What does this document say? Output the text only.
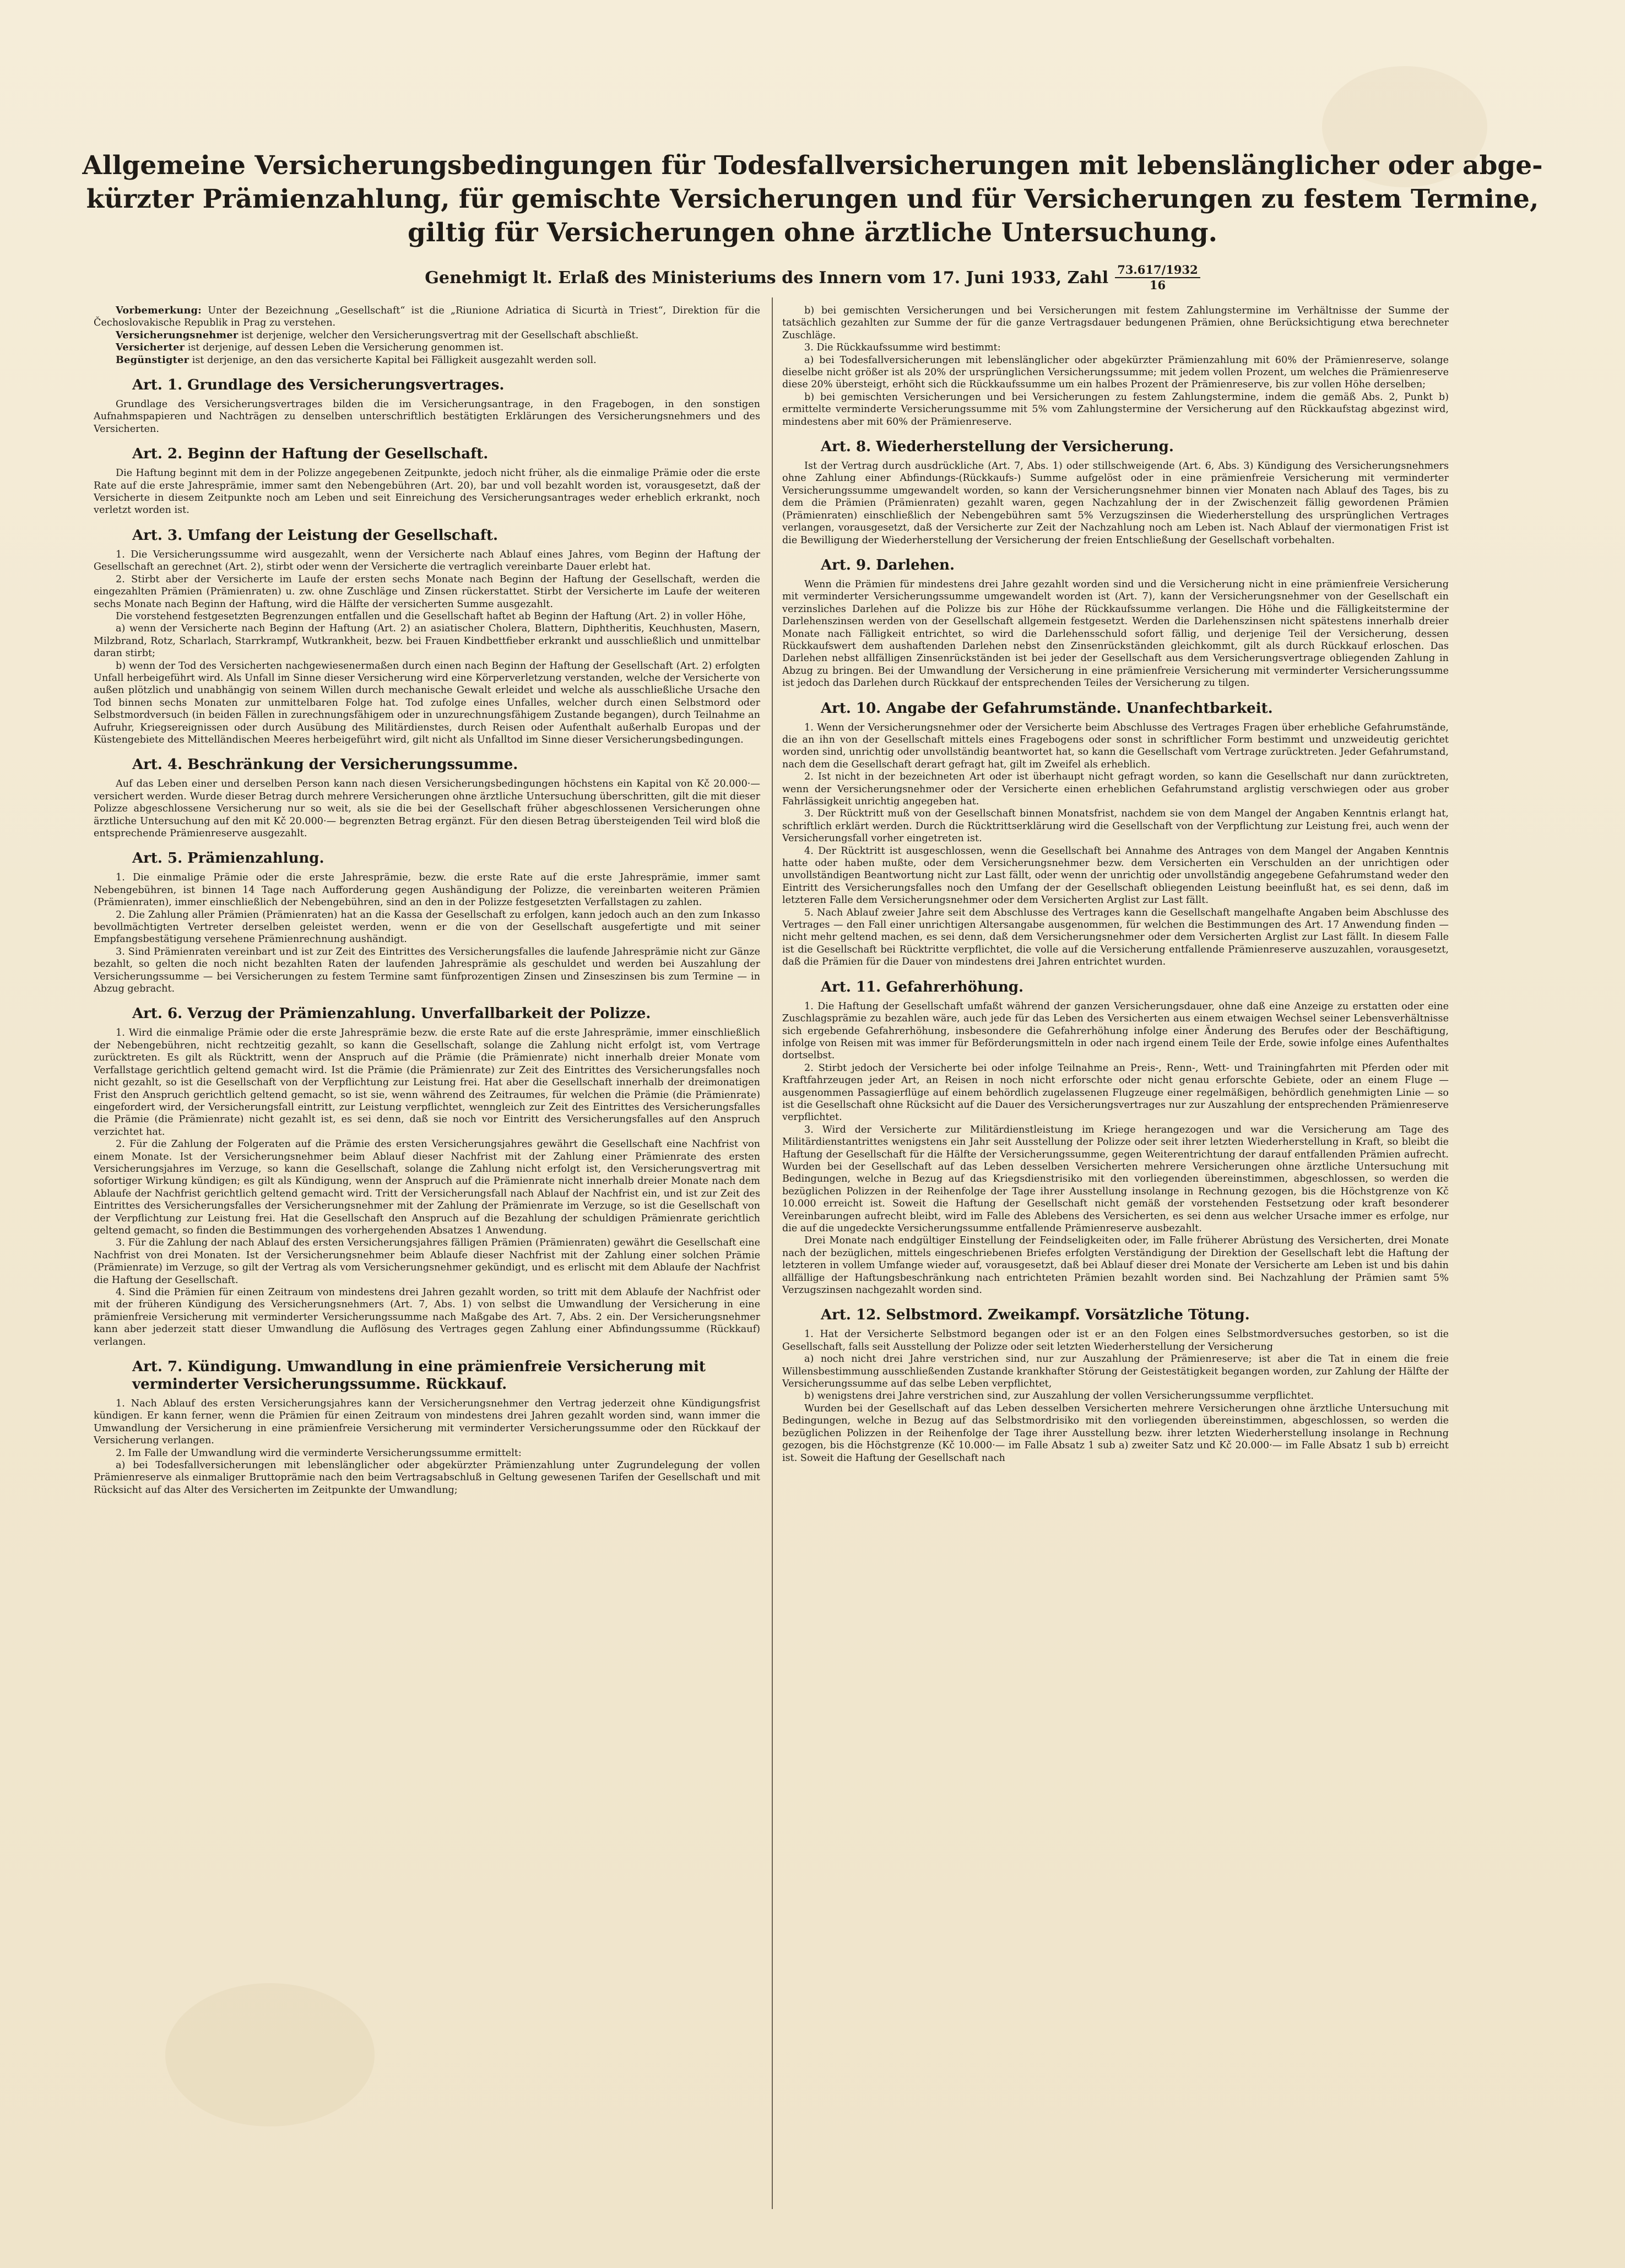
Allgemeine Versicherungsbedingungen für Todesfallversicherungen mit lebenslänglicher oder abge-
kürzter Prämienzahlung, für gemischte Versicherungen und für Versicherungen zu festem Termine,
giltig für Versicherungen ohne ärztliche Untersuchung.
Genehmigt lt. Erlaß des Ministeriums des Innern vom 17. Juni 1933, Zahl $\frac{73.617/1932}{16}$

Vorbemerkung: Unter der Bezeichnung „Gesellschaft“ ist die „Riunione Adriatica di Sicurtà in Triest“, Direktion für die Čechoslovakische Republik in Prag zu verstehen.

Versicherungsnehmer ist derjenige, welcher den Versicherungsvertrag mit der Gesellschaft abschließt.

Versicherter ist derjenige, auf dessen Leben die Versicherung genommen ist.

Begünstigter ist derjenige, an den das versicherte Kapital bei Fälligkeit ausgezahlt werden soll.

Art. 1. Grundlage des Versicherungsvertrages.

Grundlage des Versicherungsvertrages bilden die im Versicherungsantrage, in den Fragebogen, in den sonstigen Aufnahmspapieren und Nachträgen zu denselben unterschriftlich bestätigten Erklärungen des Versicherungsnehmers und des Versicherten.

Art. 2. Beginn der Haftung der Gesellschaft.

Die Haftung beginnt mit dem in der Polizze angegebenen Zeitpunkte, jedoch nicht früher, als die einmalige Prämie oder die erste Rate auf die erste Jahresprämie, immer samt den Nebengebühren (Art. 20), bar und voll bezahlt worden ist, vorausgesetzt, daß der Versicherte in diesem Zeitpunkte noch am Leben und seit Einreichung des Versicherungsantrages weder erheblich erkrankt, noch verletzt worden ist.

Art. 3. Umfang der Leistung der Gesellschaft.

1. Die Versicherungssumme wird ausgezahlt, wenn der Versicherte nach Ablauf eines Jahres, vom Beginn der Haftung der Gesellschaft an gerechnet (Art. 2), stirbt oder wenn der Versicherte die vertraglich vereinbarte Dauer erlebt hat.

2. Stirbt aber der Versicherte im Laufe der ersten sechs Monate nach Beginn der Haftung der Gesellschaft, werden die eingezahlten Prämien (Prämienraten) u. zw. ohne Zuschläge und Zinsen rückerstattet. Stirbt der Versicherte im Laufe der weiteren sechs Monate nach Beginn der Haftung, wird die Hälfte der versicherten Summe ausgezahlt.

Die vorstehend festgesetzten Begrenzungen entfallen und die Gesellschaft haftet ab Beginn der Haftung (Art. 2) in voller Höhe,

a) wenn der Versicherte nach Beginn der Haftung (Art. 2) an asiatischer Cholera, Blattern, Diphtheritis, Keuchhusten, Masern, Milzbrand, Rotz, Scharlach, Starrkrampf, Wutkrankheit, bezw. bei Frauen Kindbettfieber erkrankt und ausschließlich und unmittelbar daran stirbt;

b) wenn der Tod des Versicherten nachgewiesenermaßen durch einen nach Beginn der Haftung der Gesellschaft (Art. 2) erfolgten Unfall herbeigeführt wird. Als Unfall im Sinne dieser Versicherung wird eine Körperverletzung verstanden, welche der Versicherte von außen plötzlich und unabhängig von seinem Willen durch mechanische Gewalt erleidet und welche als ausschließliche Ursache den Tod binnen sechs Monaten zur unmittelbaren Folge hat. Tod zufolge eines Unfalles, welcher durch einen Selbstmord oder Selbstmordversuch (in beiden Fällen in zurechnungsfähigem oder in unzurechnungsfähigem Zustande begangen), durch Teilnahme an Aufruhr, Kriegsereignissen oder durch Ausübung des Militärdienstes, durch Reisen oder Aufenthalt außerhalb Europas und der Küstengebiete des Mittelländischen Meeres herbeigeführt wird, gilt nicht als Unfalltod im Sinne dieser Versicherungsbedingungen.

Art. 4. Beschränkung der Versicherungssumme.

Auf das Leben einer und derselben Person kann nach diesen Versicherungsbedingungen höchstens ein Kapital von Kč 20.000·— versichert werden. Wurde dieser Betrag durch mehrere Versicherungen ohne ärztliche Untersuchung überschritten, gilt die mit dieser Polizze abgeschlossene Versicherung nur so weit, als sie die bei der Gesellschaft früher abgeschlossenen Versicherungen ohne ärztliche Untersuchung auf den mit Kč 20.000·— begrenzten Betrag ergänzt. Für den diesen Betrag übersteigenden Teil wird bloß die entsprechende Prämienreserve ausgezahlt.

Art. 5. Prämienzahlung.

1. Die einmalige Prämie oder die erste Jahresprämie, bezw. die erste Rate auf die erste Jahresprämie, immer samt Nebengebühren, ist binnen 14 Tage nach Aufforderung gegen Aushändigung der Polizze, die vereinbarten weiteren Prämien (Prämienraten), immer einschließlich der Nebengebühren, sind an den in der Polizze festgesetzten Verfallstagen zu zahlen.

2. Die Zahlung aller Prämien (Prämienraten) hat an die Kassa der Gesellschaft zu erfolgen, kann jedoch auch an den zum Inkasso bevollmächtigten Vertreter derselben geleistet werden, wenn er die von der Gesellschaft ausgefertigte und mit seiner Empfangsbestätigung versehene Prämienrechnung aushändigt.

3. Sind Prämienraten vereinbart und ist zur Zeit des Eintrittes des Versicherungsfalles die laufende Jahresprämie nicht zur Gänze bezahlt, so gelten die noch nicht bezahlten Raten der laufenden Jahresprämie als geschuldet und werden bei Auszahlung der Versicherungssumme — bei Versicherungen zu festem Termine samt fünfprozentigen Zinsen und Zinseszinsen bis zum Termine — in Abzug gebracht.

Art. 6. Verzug der Prämienzahlung. Unverfallbarkeit der Polizze.

1. Wird die einmalige Prämie oder die erste Jahresprämie bezw. die erste Rate auf die erste Jahresprämie, immer einschließlich der Nebengebühren, nicht rechtzeitig gezahlt, so kann die Gesellschaft, solange die Zahlung nicht erfolgt ist, vom Vertrage zurücktreten. Es gilt als Rücktritt, wenn der Anspruch auf die Prämie (die Prämienrate) nicht innerhalb dreier Monate vom Verfallstage gerichtlich geltend gemacht wird. Ist die Prämie (die Prämienrate) zur Zeit des Eintrittes des Versicherungsfalles noch nicht gezahlt, so ist die Gesellschaft von der Verpflichtung zur Leistung frei. Hat aber die Gesellschaft innerhalb der dreimonatigen Frist den Anspruch gerichtlich geltend gemacht, so ist sie, wenn während des Zeitraumes, für welchen die Prämie (die Prämienrate) eingefordert wird, der Versicherungsfall eintritt, zur Leistung verpflichtet, wenngleich zur Zeit des Eintrittes des Versicherungsfalles die Prämie (die Prämienrate) nicht gezahlt ist, es sei denn, daß sie noch vor Eintritt des Versicherungsfalles auf den Anspruch verzichtet hat.

2. Für die Zahlung der Folgeraten auf die Prämie des ersten Versicherungsjahres gewährt die Gesellschaft eine Nachfrist von einem Monate. Ist der Versicherungsnehmer beim Ablauf dieser Nachfrist mit der Zahlung einer Prämienrate des ersten Versicherungsjahres im Verzuge, so kann die Gesellschaft, solange die Zahlung nicht erfolgt ist, den Versicherungsvertrag mit sofortiger Wirkung kündigen; es gilt als Kündigung, wenn der Anspruch auf die Prämienrate nicht innerhalb dreier Monate nach dem Ablaufe der Nachfrist gerichtlich geltend gemacht wird. Tritt der Versicherungsfall nach Ablauf der Nachfrist ein, und ist zur Zeit des Eintrittes des Versicherungsfalles der Versicherungsnehmer mit der Zahlung der Prämienrate im Verzuge, so ist die Gesellschaft von der Verpflichtung zur Leistung frei. Hat die Gesellschaft den Anspruch auf die Bezahlung der schuldigen Prämienrate gerichtlich geltend gemacht, so finden die Bestimmungen des vorhergehenden Absatzes 1 Anwendung.

3. Für die Zahlung der nach Ablauf des ersten Versicherungsjahres fälligen Prämien (Prämienraten) gewährt die Gesellschaft eine Nachfrist von drei Monaten. Ist der Versicherungsnehmer beim Ablaufe dieser Nachfrist mit der Zahlung einer solchen Prämie (Prämienrate) im Verzuge, so gilt der Vertrag als vom Versicherungsnehmer gekündigt, und es erlischt mit dem Ablaufe der Nachfrist die Haftung der Gesellschaft.

4. Sind die Prämien für einen Zeitraum von mindestens drei Jahren gezahlt worden, so tritt mit dem Ablaufe der Nachfrist oder mit der früheren Kündigung des Versicherungsnehmers (Art. 7, Abs. 1) von selbst die Umwandlung der Versicherung in eine prämienfreie Versicherung mit verminderter Versicherungssumme nach Maßgabe des Art. 7, Abs. 2 ein. Der Versicherungsnehmer kann aber jederzeit statt dieser Umwandlung die Auflösung des Vertrages gegen Zahlung einer Abfindungssumme (Rückkauf) verlangen.

Art. 7. Kündigung. Umwandlung in eine prämienfreie Versicherung mit verminderter Versicherungssumme. Rückkauf.

1. Nach Ablauf des ersten Versicherungsjahres kann der Versicherungsnehmer den Vertrag jederzeit ohne Kündigungsfrist kündigen. Er kann ferner, wenn die Prämien für einen Zeitraum von mindestens drei Jahren gezahlt worden sind, wann immer die Umwandlung der Versicherung in eine prämienfreie Versicherung mit verminderter Versicherungssumme oder den Rückkauf der Versicherung verlangen.

2. Im Falle der Umwandlung wird die verminderte Versicherungssumme ermittelt:

a) bei Todesfallversicherungen mit lebenslänglicher oder abgekürzter Prämienzahlung unter Zugrundelegung der vollen Prämienreserve als einmaliger Bruttoprämie nach den beim Vertragsabschluß in Geltung gewesenen Tarifen der Gesellschaft und mit Rücksicht auf das Alter des Versicherten im Zeitpunkte der Umwandlung;

b) bei gemischten Versicherungen und bei Versicherungen mit festem Zahlungstermine im Verhältnisse der Summe der tatsächlich gezahlten zur Summe der für die ganze Vertragsdauer bedungenen Prämien, ohne Berücksichtigung etwa berechneter Zuschläge.

3. Die Rückkaufssumme wird bestimmt:

a) bei Todesfallversicherungen mit lebenslänglicher oder abgekürzter Prämienzahlung mit 60% der Prämienreserve, solange dieselbe nicht größer ist als 20% der ursprünglichen Versicherungssumme; mit jedem vollen Prozent, um welches die Prämienreserve diese 20% übersteigt, erhöht sich die Rückkaufssumme um ein halbes Prozent der Prämienreserve, bis zur vollen Höhe derselben;

b) bei gemischten Versicherungen und bei Versicherungen zu festem Zahlungstermine, indem die gemäß Abs. 2, Punkt b) ermittelte verminderte Versicherungssumme mit 5% vom Zahlungstermine der Versicherung auf den Rückkaufstag abgezinst wird, mindestens aber mit 60% der Prämienreserve.

Art. 8. Wiederherstellung der Versicherung.

Ist der Vertrag durch ausdrückliche (Art. 7, Abs. 1) oder stillschweigende (Art. 6, Abs. 3) Kündigung des Versicherungsnehmers ohne Zahlung einer Abfindungs-(Rückkaufs-) Summe aufgelöst oder in eine prämienfreie Versicherung mit verminderter Versicherungssumme umgewandelt worden, so kann der Versicherungsnehmer binnen vier Monaten nach Ablauf des Tages, bis zu dem die Prämien (Prämienraten) gezahlt waren, gegen Nachzahlung der in der Zwischenzeit fällig gewordenen Prämien (Prämienraten) einschließlich der Nebengebühren samt 5% Verzugszinsen die Wiederherstellung des ursprünglichen Vertrages verlangen, vorausgesetzt, daß der Versicherte zur Zeit der Nachzahlung noch am Leben ist. Nach Ablauf der viermonatigen Frist ist die Bewilligung der Wiederherstellung der Versicherung der freien Entschließung der Gesellschaft vorbehalten.

Art. 9. Darlehen.

Wenn die Prämien für mindestens drei Jahre gezahlt worden sind und die Versicherung nicht in eine prämienfreie Versicherung mit verminderter Versicherungssumme umgewandelt worden ist (Art. 7), kann der Versicherungsnehmer von der Gesellschaft ein verzinsliches Darlehen auf die Polizze bis zur Höhe der Rückkaufssumme verlangen. Die Höhe und die Fälligkeitstermine der Darlehenszinsen werden von der Gesellschaft allgemein festgesetzt. Werden die Darlehenszinsen nicht spätestens innerhalb dreier Monate nach Fälligkeit entrichtet, so wird die Darlehensschuld sofort fällig, und derjenige Teil der Versicherung, dessen Rückkaufswert dem aushaftenden Darlehen nebst den Zinsenrückständen gleichkommt, gilt als durch Rückkauf erloschen. Das Darlehen nebst allfälligen Zinsenrückständen ist bei jeder der Gesellschaft aus dem Versicherungsvertrage obliegenden Zahlung in Abzug zu bringen. Bei der Umwandlung der Versicherung in eine prämienfreie Versicherung mit verminderter Versicherungssumme ist jedoch das Darlehen durch Rückkauf der entsprechenden Teiles der Versicherung zu tilgen.

Art. 10. Angabe der Gefahrumstände. Unanfechtbarkeit.

1. Wenn der Versicherungsnehmer oder der Versicherte beim Abschlusse des Vertrages Fragen über erhebliche Gefahrumstände, die an ihn von der Gesellschaft mittels eines Fragebogens oder sonst in schriftlicher Form bestimmt und unzweideutig gerichtet worden sind, unrichtig oder unvollständig beantwortet hat, so kann die Gesellschaft vom Vertrage zurücktreten. Jeder Gefahrumstand, nach dem die Gesellschaft derart gefragt hat, gilt im Zweifel als erheblich.

2. Ist nicht in der bezeichneten Art oder ist überhaupt nicht gefragt worden, so kann die Gesellschaft nur dann zurücktreten, wenn der Versicherungsnehmer oder der Versicherte einen erheblichen Gefahrumstand arglistig verschwiegen oder aus grober Fahrlässigkeit unrichtig angegeben hat.

3. Der Rücktritt muß von der Gesellschaft binnen Monatsfrist, nachdem sie von dem Mangel der Angaben Kenntnis erlangt hat, schriftlich erklärt werden. Durch die Rücktrittserklärung wird die Gesellschaft von der Verpflichtung zur Leistung frei, auch wenn der Versicherungsfall vorher eingetreten ist.

4. Der Rücktritt ist ausgeschlossen, wenn die Gesellschaft bei Annahme des Antrages von dem Mangel der Angaben Kenntnis hatte oder haben mußte, oder dem Versicherungsnehmer bezw. dem Versicherten ein Verschulden an der unrichtigen oder unvollständigen Beantwortung nicht zur Last fällt, oder wenn der unrichtig oder unvollständig angegebene Gefahrumstand weder den Eintritt des Versicherungsfalles noch den Umfang der der Gesellschaft obliegenden Leistung beeinflußt hat, es sei denn, daß im letzteren Falle dem Versicherungsnehmer oder dem Versicherten Arglist zur Last fällt.

5. Nach Ablauf zweier Jahre seit dem Abschlusse des Vertrages kann die Gesellschaft mangelhafte Angaben beim Abschlusse des Vertrages — den Fall einer unrichtigen Altersangabe ausgenommen, für welchen die Bestimmungen des Art. 17 Anwendung finden — nicht mehr geltend machen, es sei denn, daß dem Versicherungsnehmer oder dem Versicherten Arglist zur Last fällt. In diesem Falle ist die Gesellschaft bei Rücktritte verpflichtet, die volle auf die Versicherung entfallende Prämienreserve auszuzahlen, vorausgesetzt, daß die Prämien für die Dauer von mindestens drei Jahren entrichtet wurden.

Art. 11. Gefahrerhöhung.

1. Die Haftung der Gesellschaft umfaßt während der ganzen Versicherungsdauer, ohne daß eine Anzeige zu erstatten oder eine Zuschlagsprämie zu bezahlen wäre, auch jede für das Leben des Versicherten aus einem etwaigen Wechsel seiner Lebensverhältnisse sich ergebende Gefahrerhöhung, insbesondere die Gefahrerhöhung infolge einer Änderung des Berufes oder der Beschäftigung, infolge von Reisen mit was immer für Beförderungsmitteln in oder nach irgend einem Teile der Erde, sowie infolge eines Aufenthaltes dortselbst.

2. Stirbt jedoch der Versicherte bei oder infolge Teilnahme an Preis-, Renn-, Wett- und Trainingfahrten mit Pferden oder mit Kraftfahrzeugen jeder Art, an Reisen in noch nicht erforschte oder nicht genau erforschte Gebiete, oder an einem Fluge — ausgenommen Passagierflüge auf einem behördlich zugelassenen Flugzeuge einer regelmäßigen, behördlich genehmigten Linie — so ist die Gesellschaft ohne Rücksicht auf die Dauer des Versicherungsvertrages nur zur Auszahlung der entsprechenden Prämienreserve verpflichtet.

3. Wird der Versicherte zur Militärdienstleistung im Kriege herangezogen und war die Versicherung am Tage des Militärdienstantrittes wenigstens ein Jahr seit Ausstellung der Polizze oder seit ihrer letzten Wiederherstellung in Kraft, so bleibt die Haftung der Gesellschaft für die Hälfte der Versicherungssumme, gegen Weiterentrichtung der darauf entfallenden Prämien aufrecht. Wurden bei der Gesellschaft auf das Leben desselben Versicherten mehrere Versicherungen ohne ärztliche Untersuchung mit Bedingungen, welche in Bezug auf das Kriegsdienstrisiko mit den vorliegenden übereinstimmen, abgeschlossen, so werden die bezüglichen Polizzen in der Reihenfolge der Tage ihrer Ausstellung insolange in Rechnung gezogen, bis die Höchstgrenze von Kč 10.000 erreicht ist. Soweit die Haftung der Gesellschaft nicht gemäß der vorstehenden Festsetzung oder kraft besonderer Vereinbarungen aufrecht bleibt, wird im Falle des Ablebens des Versicherten, es sei denn aus welcher Ursache immer es erfolge, nur die auf die ungedeckte Versicherungssumme entfallende Prämienreserve ausbezahlt.

Drei Monate nach endgültiger Einstellung der Feindseligkeiten oder, im Falle früherer Abrüstung des Versicherten, drei Monate nach der bezüglichen, mittels eingeschriebenen Briefes erfolgten Verständigung der Direktion der Gesellschaft lebt die Haftung der letzteren in vollem Umfange wieder auf, vorausgesetzt, daß bei Ablauf dieser drei Monate der Versicherte am Leben ist und bis dahin allfällige der Haftungsbeschränkung nach entrichteten Prämien bezahlt worden sind. Bei Nachzahlung der Prämien samt 5% Verzugszinsen nachgezahlt worden sind.

Art. 12. Selbstmord. Zweikampf. Vorsätzliche Tötung.

1. Hat der Versicherte Selbstmord begangen oder ist er an den Folgen eines Selbstmordversuches gestorben, so ist die Gesellschaft, falls seit Ausstellung der Polizze oder seit letzten Wiederherstellung der Versicherung

a) noch nicht drei Jahre verstrichen sind, nur zur Auszahlung der Prämienreserve; ist aber die Tat in einem die freie Willensbestimmung ausschließenden Zustande krankhafter Störung der Geistestätigkeit begangen worden, zur Zahlung der Hälfte der Versicherungssumme auf das selbe Leben verpflichtet,

b) wenigstens drei Jahre verstrichen sind, zur Auszahlung der vollen Versicherungssumme verpflichtet.

Wurden bei der Gesellschaft auf das Leben desselben Versicherten mehrere Versicherungen ohne ärztliche Untersuchung mit Bedingungen, welche in Bezug auf das Selbstmordrisiko mit den vorliegenden übereinstimmen, abgeschlossen, so werden die bezüglichen Polizzen in der Reihenfolge der Tage ihrer Ausstellung bezw. ihrer letzten Wiederherstellung insolange in Rechnung gezogen, bis die Höchstgrenze (Kč 10.000·— im Falle Absatz 1 sub a) zweiter Satz und Kč 20.000·— im Falle Absatz 1 sub b) erreicht ist. Soweit die Haftung der Gesellschaft nach
